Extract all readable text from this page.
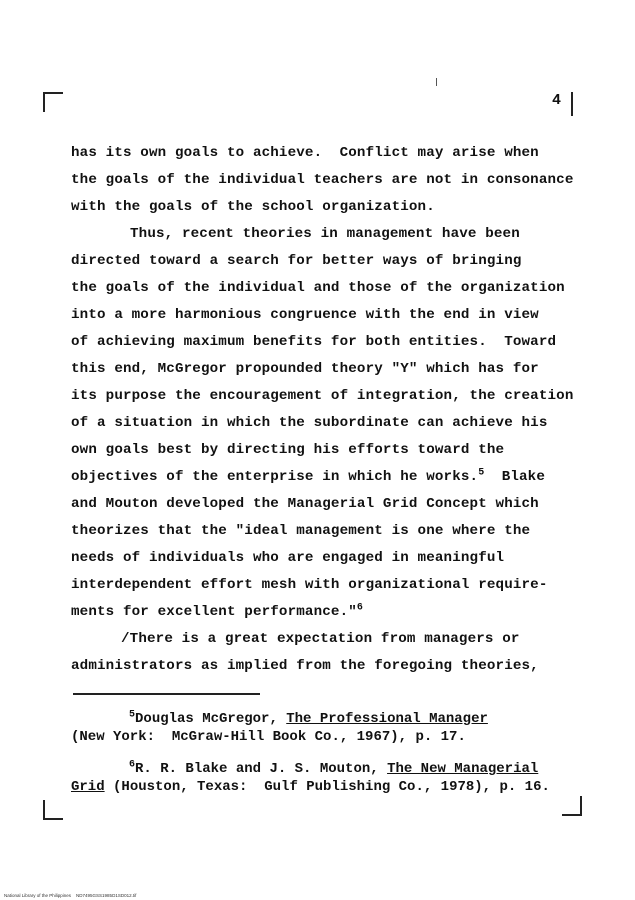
4
has its own goals to achieve.  Conflict may arise when
the goals of the individual teachers are not in consonance
with the goals of the school organization.
Thus, recent theories in management have been
directed toward a search for better ways of bringing
the goals of the individual and those of the organization
into a more harmonious congruence with the end in view
of achieving maximum benefits for both entities.  Toward
this end, McGregor propounded theory "Y" which has for
its purpose the encouragement of integration, the creation
of a situation in which the subordinate can achieve his
own goals best by directing his efforts toward the
objectives of the enterprise in which he works.$^5$ Blake
and Mouton developed the Managerial Grid Concept which
theorizes that the "ideal management is one where the
needs of individuals who are engaged in meaningful
interdependent effort mesh with organizational require-
ments for excellent performance."$^6$
/There is a great expectation from managers or
administrators as implied from the foregoing theories,
$^5$Douglas McGregor, The Professional Manager
(New York:  McGraw-Hill Book Co., 1967), p. 17.
$^6$R. R. Blake and J. S. Mouton, The New Managerial
Grid (Houston, Texas:  Gulf Publishing Co., 1978), p. 16.
National Library of the Philippines    ND7495GSS1985D1SD012.tif
